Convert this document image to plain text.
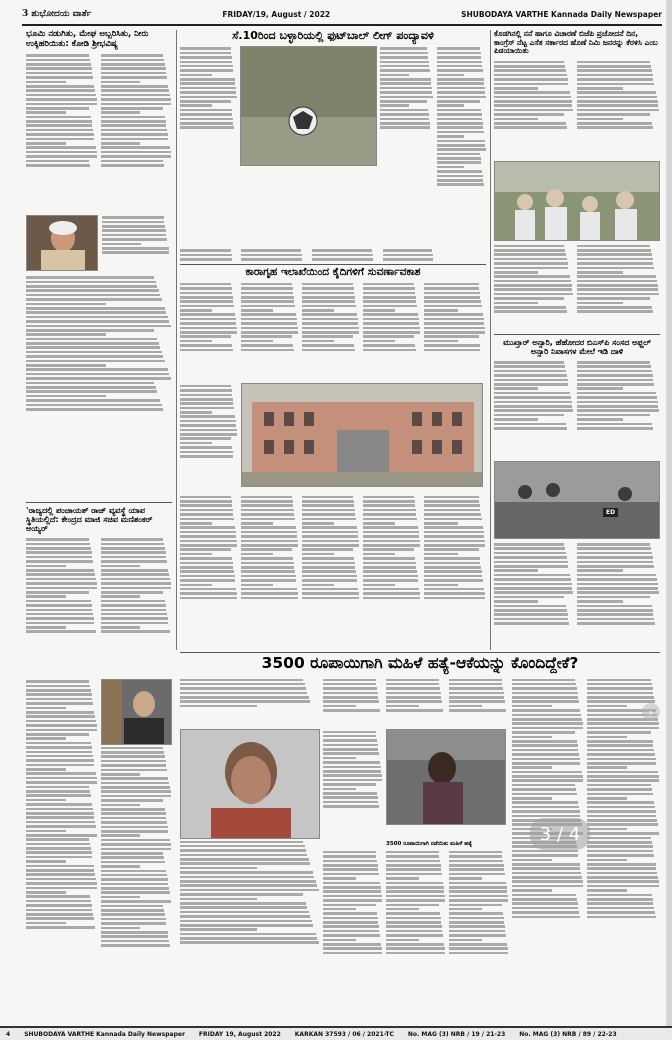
3 ಶುಭೋದಯ ವಾರ್ತೆ	FRIDAY/19, August / 2022	SHUBODAYA VARTHE Kannada Daily Newspaper
ಭೂಮಿ ನಡುಗಿತು, ಮೇಘ ಅಬ್ಬರಿಸಿತು, ನೀರು ಉಕ್ಕಿಹರಿಯಿತು: ಕೋಡಿ ಶ್ರೀಭವಿಷ್ಯ
'ರಾಜ್ಯದಲ್ಲಿ ಪಂಚಾಯತ್ ರಾಜ್ ವ್ಯವಸ್ಥೆ ಯಾವ ಸ್ಥಿತಿಯಲ್ಲಿದೆ: ಕೇಂದ್ರದ ಮಾಜಿ ಸಚಿವ ಮಣಿಶಂಕರ್ ಅಯ್ಯರ್
ಸೆ.10ರಿಂದ ಬಳ್ಳಾರಿಯಲ್ಲಿ ಫುಟ್‌ಬಾಲ್ ಲೀಗ್ ಪಂದ್ಯಾವಳಿ
ಕಾರಾಗೃಹ ಇಲಾಖೆಯಿಂದ ಕೈದಿಗಳಿಗೆ ಸುವರ್ಣಾವಕಾಶ
ಕೊಡಗಿನಲ್ಲಿ ನನೆ ಹಾಗೂ ವಿಚಾರಣೆ ಬಿಜೆಪಿ ಪ್ರಚೋದನೆ ದಿನ, ಕಾಂಗ್ರೆಸ್ ನೆಟ್ಟ ಎಸೆತ ಸರ್ಕಾರದ ಹೊಣೆ ನಿಮಿ ಜನರನ್ನು ಕೆರಳಿಸಿ ಎಂಬ ಪಿಡಯಾಯಿತು
ಮುಖ್ತಾರ್ ಅನ್ಸಾರಿ, ಹೆಹೋದರ ಬಿಎಸ್‌ಪಿ ಸಂಸದ ಅಫ್ಜಲ್ ಅನ್ಸಾರಿ ನಿವಾಸಗಳ ಮೇಲೆ ಇಡಿ ದಾಳಿ
ED
3500 ರೂಪಾಯಿಗಾಗಿ ಮಹಿಳೆ ಹತ್ಯೆ-ಆಕೆಯನ್ನು ಕೊಂದಿದ್ದೇಕೆ?
3500 ರೂಪಾಯಿಗಾಗಿ ನಡೆಯಿತು ಮಹಿಳೆ ಹತ್ಯೆ	3 / 4
›
4 SHUBODAYA VARTHE Kannada Daily Newspaper FRIDAY 19, August 2022 KARKAN 37593 / 06 / 2021-TC No. MAG (3) NRB / 19 / 21-23 No. MAG (3) NRB / 89 / 22-23
